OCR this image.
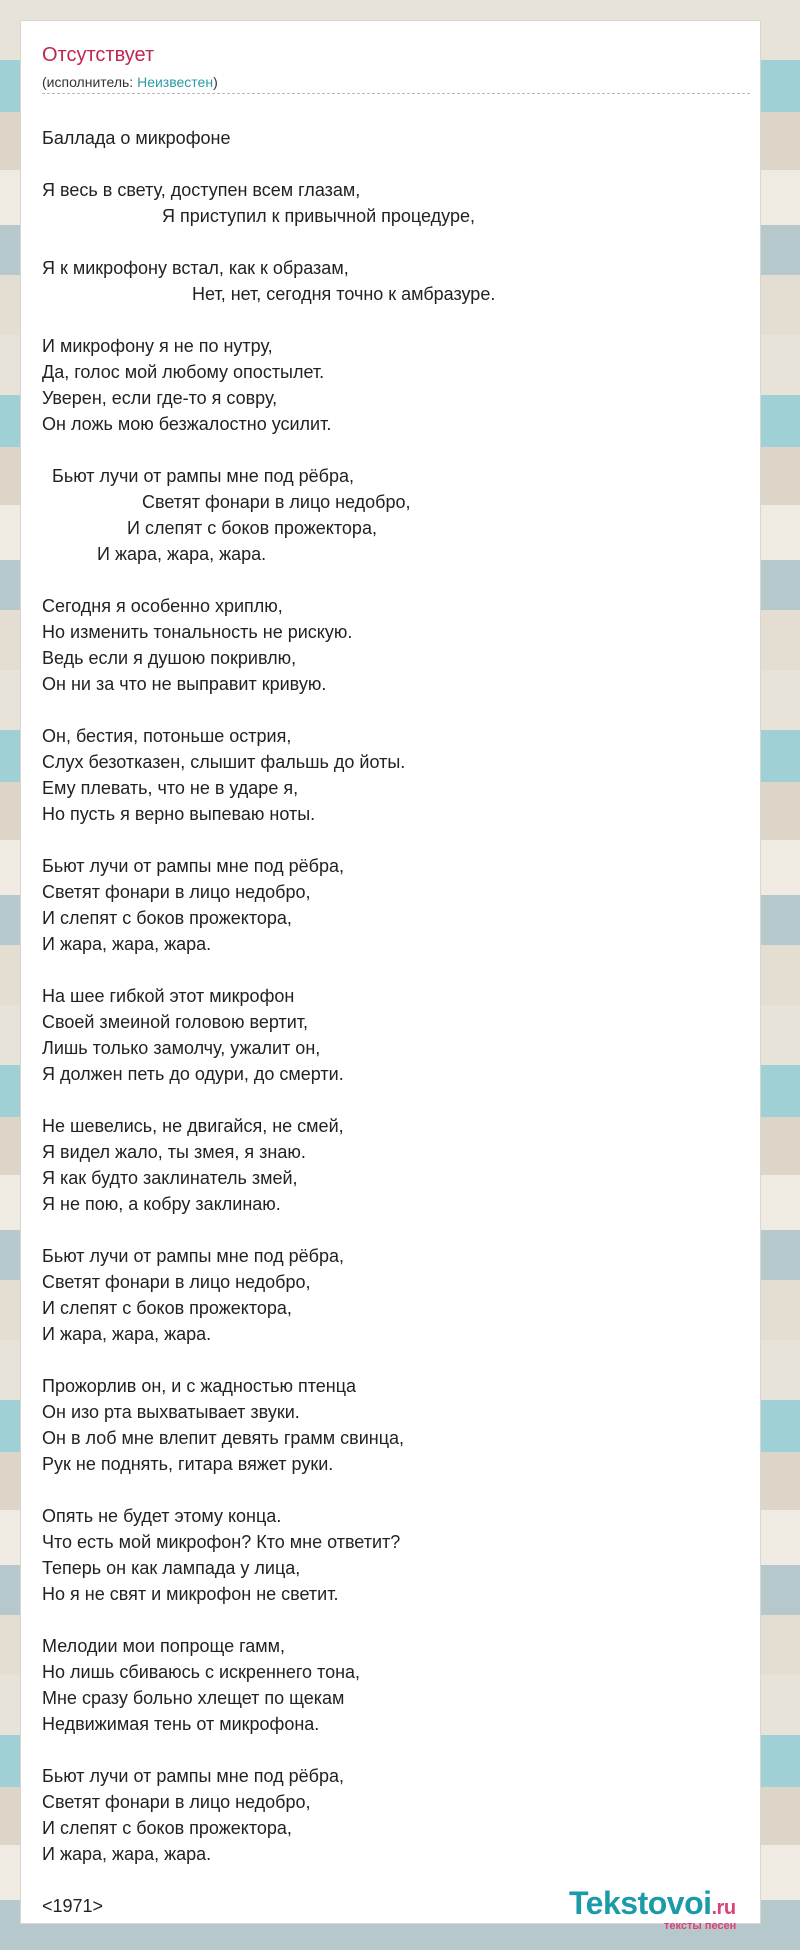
Отсутствует
(исполнитель: Неизвестен)
Баллада о микрофоне
Я весь в свету, доступен всем глазам,
Я приступил к привычной процедуре,
Я к микрофону встал, как к образам,
Нет, нет, сегодня точно к амбразуре.
И микрофону я не по нутру,
Да, голос мой любому опостылет.
Уверен, если где-то я совру,
Он ложь мою безжалостно усилит.
Бьют лучи от рампы мне под рёбра,
Светят фонари в лицо недобро,
И слепят с боков прожектора,
И жара, жара, жара.
Сегодня я особенно хриплю,
Но изменить тональность не рискую.
Ведь если я душою покривлю,
Он ни за что не выправит кривую.
Он, бестия, потоньше острия,
Слух безотказен, слышит фальшь до йоты.
Ему плевать, что не в ударе я,
Но пусть я верно выпеваю ноты.
Бьют лучи от рампы мне под рёбра,
Светят фонари в лицо недобро,
И слепят с боков прожектора,
И жара, жара, жара.
На шее гибкой этот микрофон
Своей змеиной головою вертит,
Лишь только замолчу, ужалит он,
Я должен петь до одури, до смерти.
Не шевелись, не двигайся, не смей,
Я видел жало, ты змея, я знаю.
Я как будто заклинатель змей,
Я не пою, а кобру заклинаю.
Бьют лучи от рампы мне под рёбра,
Светят фонари в лицо недобро,
И слепят с боков прожектора,
И жара, жара, жара.
Прожорлив он, и с жадностью птенца
Он изо рта выхватывает звуки.
Он в лоб мне влепит девять грамм свинца,
Рук не поднять, гитара вяжет руки.
Опять не будет этому конца.
Что есть мой микрофон? Кто мне ответит?
Теперь он как лампада у лица,
Но я не свят и микрофон не светит.
Мелодии мои попроще гамм,
Но лишь сбиваюсь с искреннего тона,
Мне сразу больно хлещет по щекам
Недвижимая тень от микрофона.
Бьют лучи от рампы мне под рёбра,
Светят фонари в лицо недобро,
И слепят с боков прожектора,
И жара, жара, жара.
<1971>	Tekstovoi.ru
тексты песен
